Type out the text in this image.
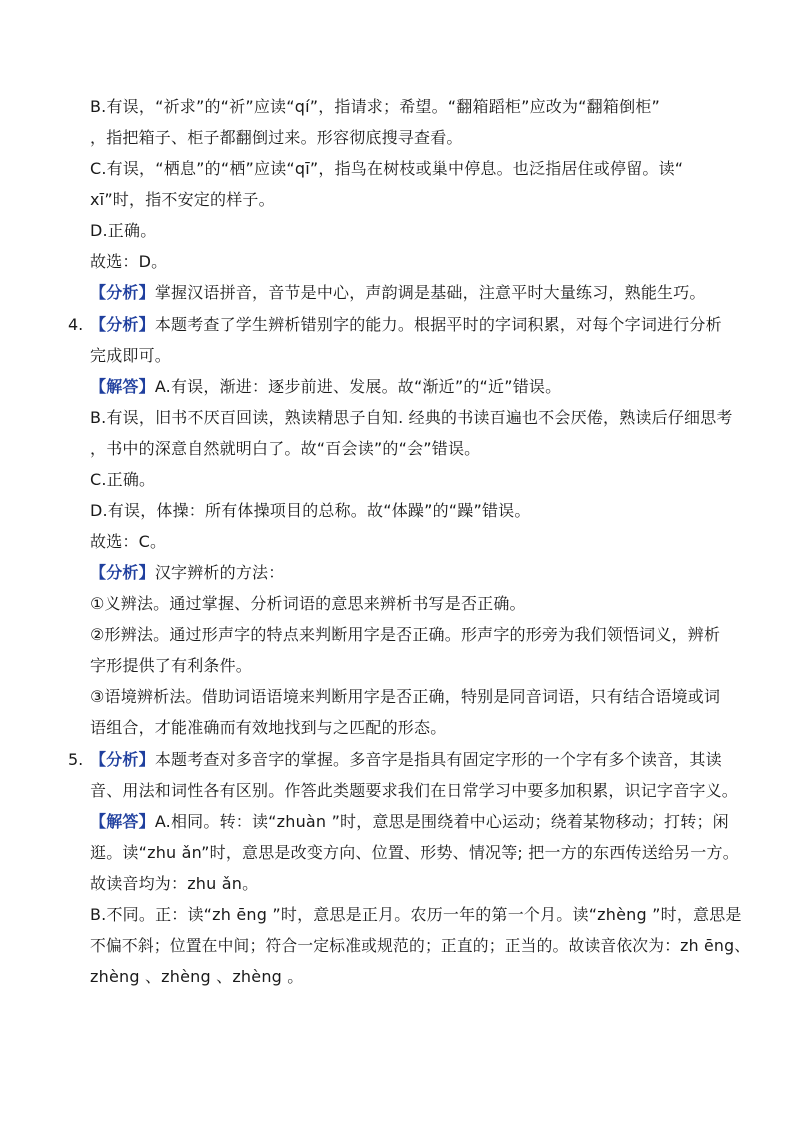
B.有误，“祈求”的“祈”应读“qí”，指请求；希望。“翻箱蹈柜”应改为“翻箱倒柜”
，指把箱子、柜子都翻倒过来。形容彻底搜寻查看。
C.有误，“栖息”的“栖”应读“qī”，指鸟在树枝或巢中停息。也泛指居住或停留。读“
xī”时，指不安定的样子。
D.正确。
故选：D。
【分析】掌握汉语拼音，音节是中心，声韵调是基础，注意平时大量练习，熟能生巧。
4. 【分析】本题考查了学生辨析错别字的能力。根据平时的字词积累，对每个字词进行分析
完成即可。
【解答】A.有误，渐进：逐步前进、发展。故“渐近”的“近”错误。
B.有误，旧书不厌百回读，熟读精思子自知. 经典的书读百遍也不会厌倦，熟读后仔细思考
，书中的深意自然就明白了。故“百会读”的“会”错误。
C.正确。
D.有误，体操：所有体操项目的总称。故“体躁”的“躁”错误。
故选：C。
【分析】汉字辨析的方法：
①义辨法。通过掌握、分析词语的意思来辨析书写是否正确。
②形辨法。通过形声字的特点来判断用字是否正确。形声字的形旁为我们领悟词义，辨析
字形提供了有利条件。
③语境辨析法。借助词语语境来判断用字是否正确，特别是同音词语，只有结合语境或词
语组合，才能准确而有效地找到与之匹配的形态。
5. 【分析】本题考查对多音字的掌握。多音字是指具有固定字形的一个字有多个读音，其读
音、用法和词性各有区别。作答此类题要求我们在日常学习中要多加积累，识记字音字义。
【解答】A.相同。转：读“zhuàn ”时，意思是围绕着中心运动；绕着某物移动；打转；闲
逛。读“zhu ǎn”时，意思是改变方向、位置、形势、情况等; 把一方的东西传送给另一方。
故读音均为：zhu ǎn。
B.不同。正：读“zh ēng ”时，意思是正月。农历一年的第一个月。读“zhèng ”时，意思是
不偏不斜；位置在中间；符合一定标准或规范的；正直的；正当的。故读音依次为：zh ēng、
zhèng 、zhèng 、zhèng 。
